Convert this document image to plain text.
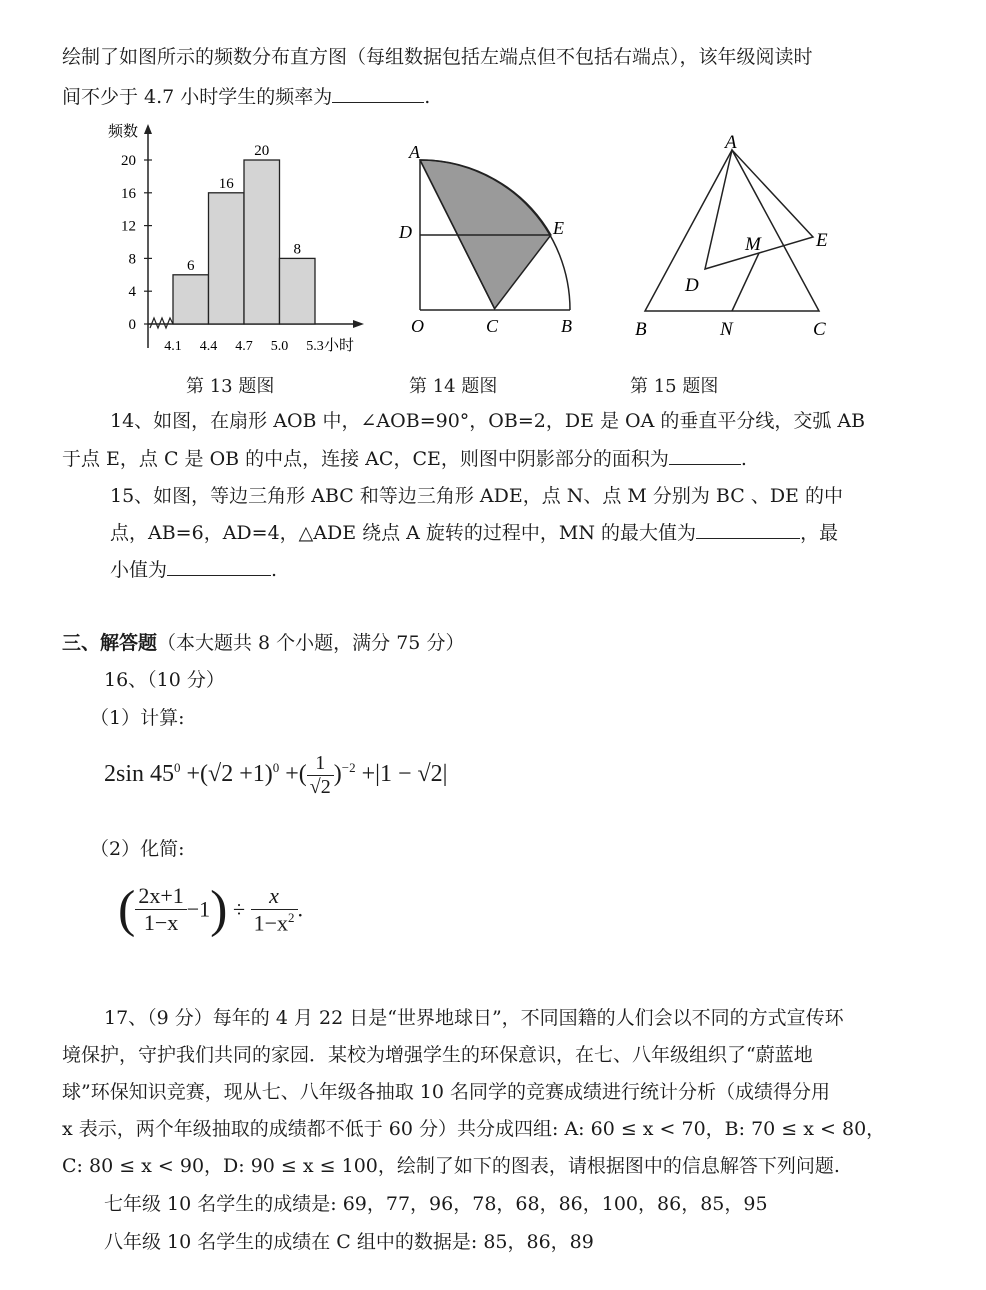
绘制了如图所示的频数分布直方图（每组数据包括左端点但不包括右端点），该年级阅读时
间不少于 4.7 小时学生的频率为	.
频数
0
4
8
12
16
20
6
16
20
8
4.1 4.4 4.7 5.0 5.3 小时
第 13 题图
A
D	E
O	C	B
第 14 题图
A
M	E
D
B	N	C
第 15 题图
14、如图，在扇形 AOB 中，∠AOB=90°，OB=2，DE 是 OA 的垂直平分线，交弧 AB
于点 E，点 C 是 OB 的中点，连接 AC，CE，则图中阴影部分的面积为	.
15、如图，等边三角形 ABC 和等边三角形 ADE，点 N、点 M 分别为 BC 、DE 的中
点，AB=6，AD=4，△ADE 绕点 A 旋转的过程中，MN 的最大值为	，最
小值为	.
三、解答题（本大题共 8 个小题，满分 75 分）
16、（10 分）
（1）计算:
2sin $45^0 +(√2 +1)^0$ +( $\frac{1}{√2} )^{-2} +|1 - √2|$
（2）化简:
( $\frac{2x+1}{1-x} -1) \div \frac{x}{1-x^2}$ .
17、（9 分）每年的 4 月 22 日是“世界地球日”，不同国籍的人们会以不同的方式宣传环
境保护，守护我们共同的家园．某校为增强学生的环保意识，在七、八年级组织了“蔚蓝地
球”环保知识竞赛，现从七、八年级各抽取 10 名同学的竞赛成绩进行统计分析（成绩得分用
x 表示，两个年级抽取的成绩都不低于 60 分）共分成四组: A: 60 ≤ x < 70，B: 70 ≤ x < 80，
C: 80 ≤ x < 90，D: 90 ≤ x ≤ 100，绘制了如下的图表，请根据图中的信息解答下列问题.
七年级 10 名学生的成绩是: 69，77，96，78，68，86，100，86，85，95
八年级 10 名学生的成绩在 C 组中的数据是: 85，86，89
